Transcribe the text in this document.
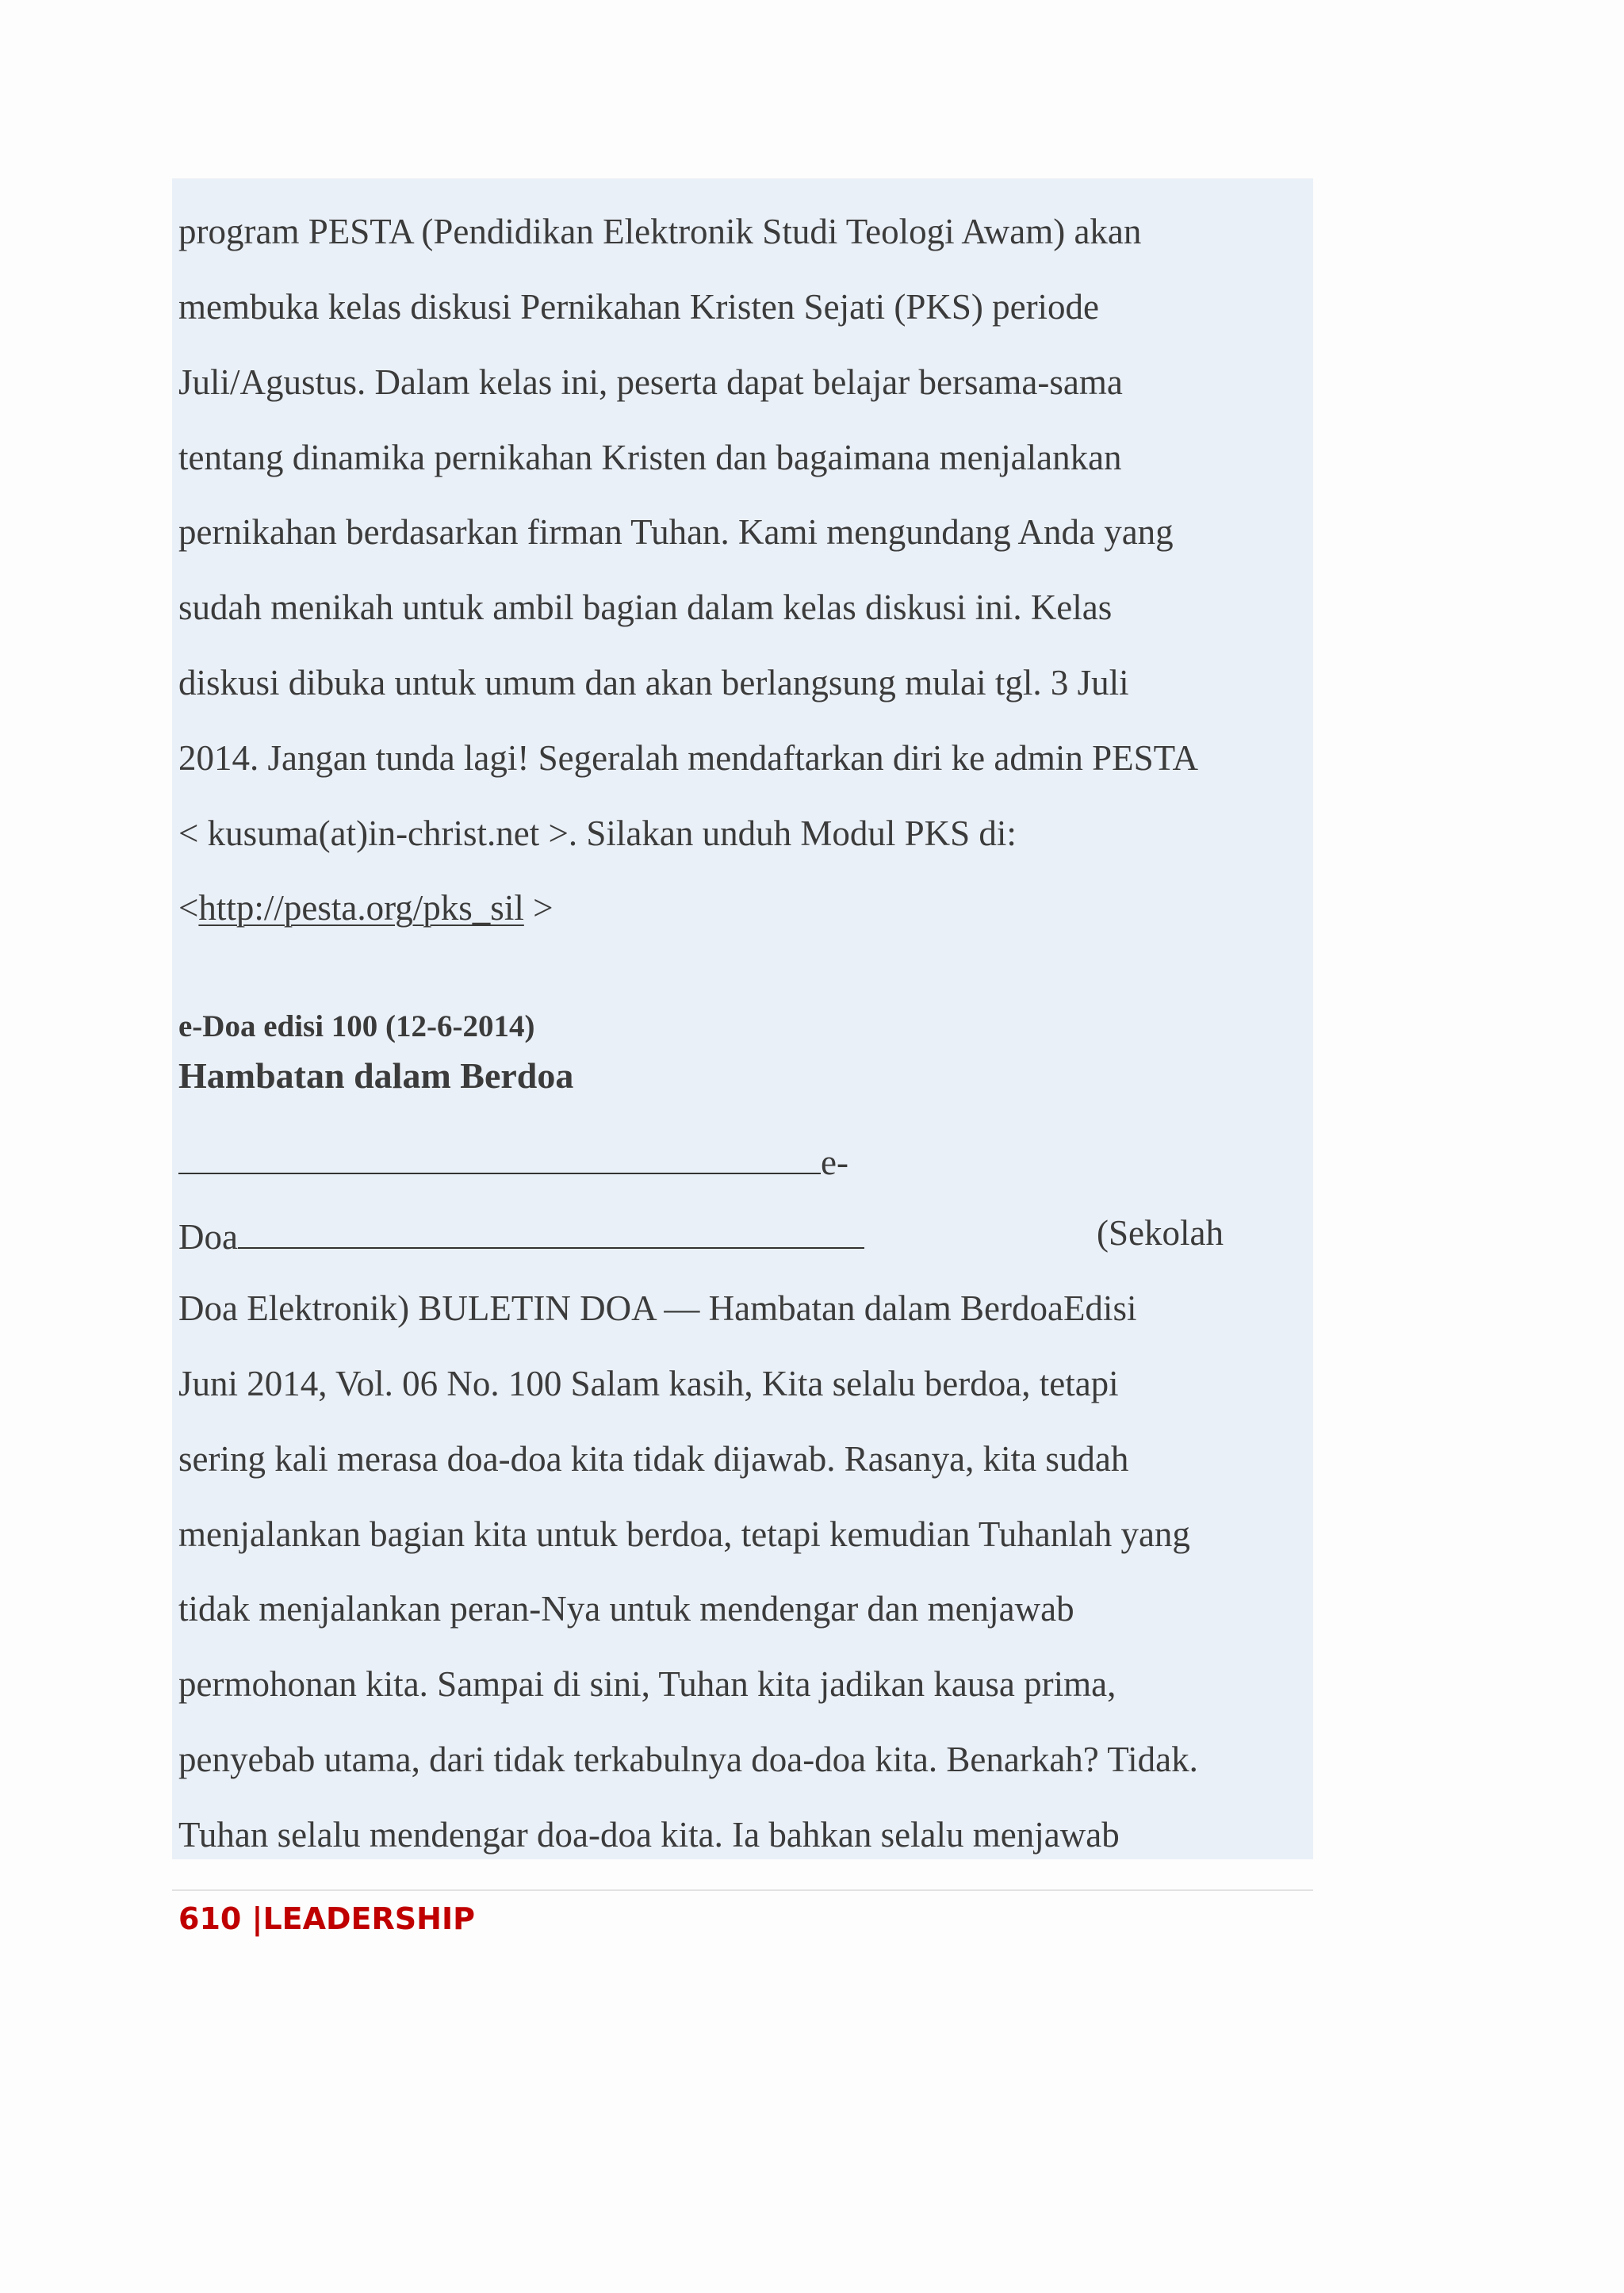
program PESTA (Pendidikan Elektronik Studi Teologi Awam) akan
membuka kelas diskusi Pernikahan Kristen Sejati (PKS) periode
Juli/Agustus. Dalam kelas ini, peserta dapat belajar bersama-sama
tentang dinamika pernikahan Kristen dan bagaimana menjalankan
pernikahan berdasarkan firman Tuhan. Kami mengundang Anda yang
sudah menikah untuk ambil bagian dalam kelas diskusi ini. Kelas
diskusi dibuka untuk umum dan akan berlangsung mulai tgl. 3 Juli
2014. Jangan tunda lagi! Segeralah mendaftarkan diri ke admin PESTA
< kusuma(at)in-christ.net >. Silakan unduh Modul PKS di:
<http://pesta.org/pks_sil >
e-Doa edisi 100 (12-6-2014)
Hambatan dalam Berdoa
e-
Doa	(Sekolah
Doa Elektronik) BULETIN DOA — Hambatan dalam BerdoaEdisi
Juni 2014, Vol. 06 No. 100 Salam kasih, Kita selalu berdoa, tetapi
sering kali merasa doa-doa kita tidak dijawab. Rasanya, kita sudah
menjalankan bagian kita untuk berdoa, tetapi kemudian Tuhanlah yang
tidak menjalankan peran-Nya untuk mendengar dan menjawab
permohonan kita. Sampai di sini, Tuhan kita jadikan kausa prima,
penyebab utama, dari tidak terkabulnya doa-doa kita. Benarkah? Tidak.
Tuhan selalu mendengar doa-doa kita. Ia bahkan selalu menjawab
610 |LEADERSHIP
